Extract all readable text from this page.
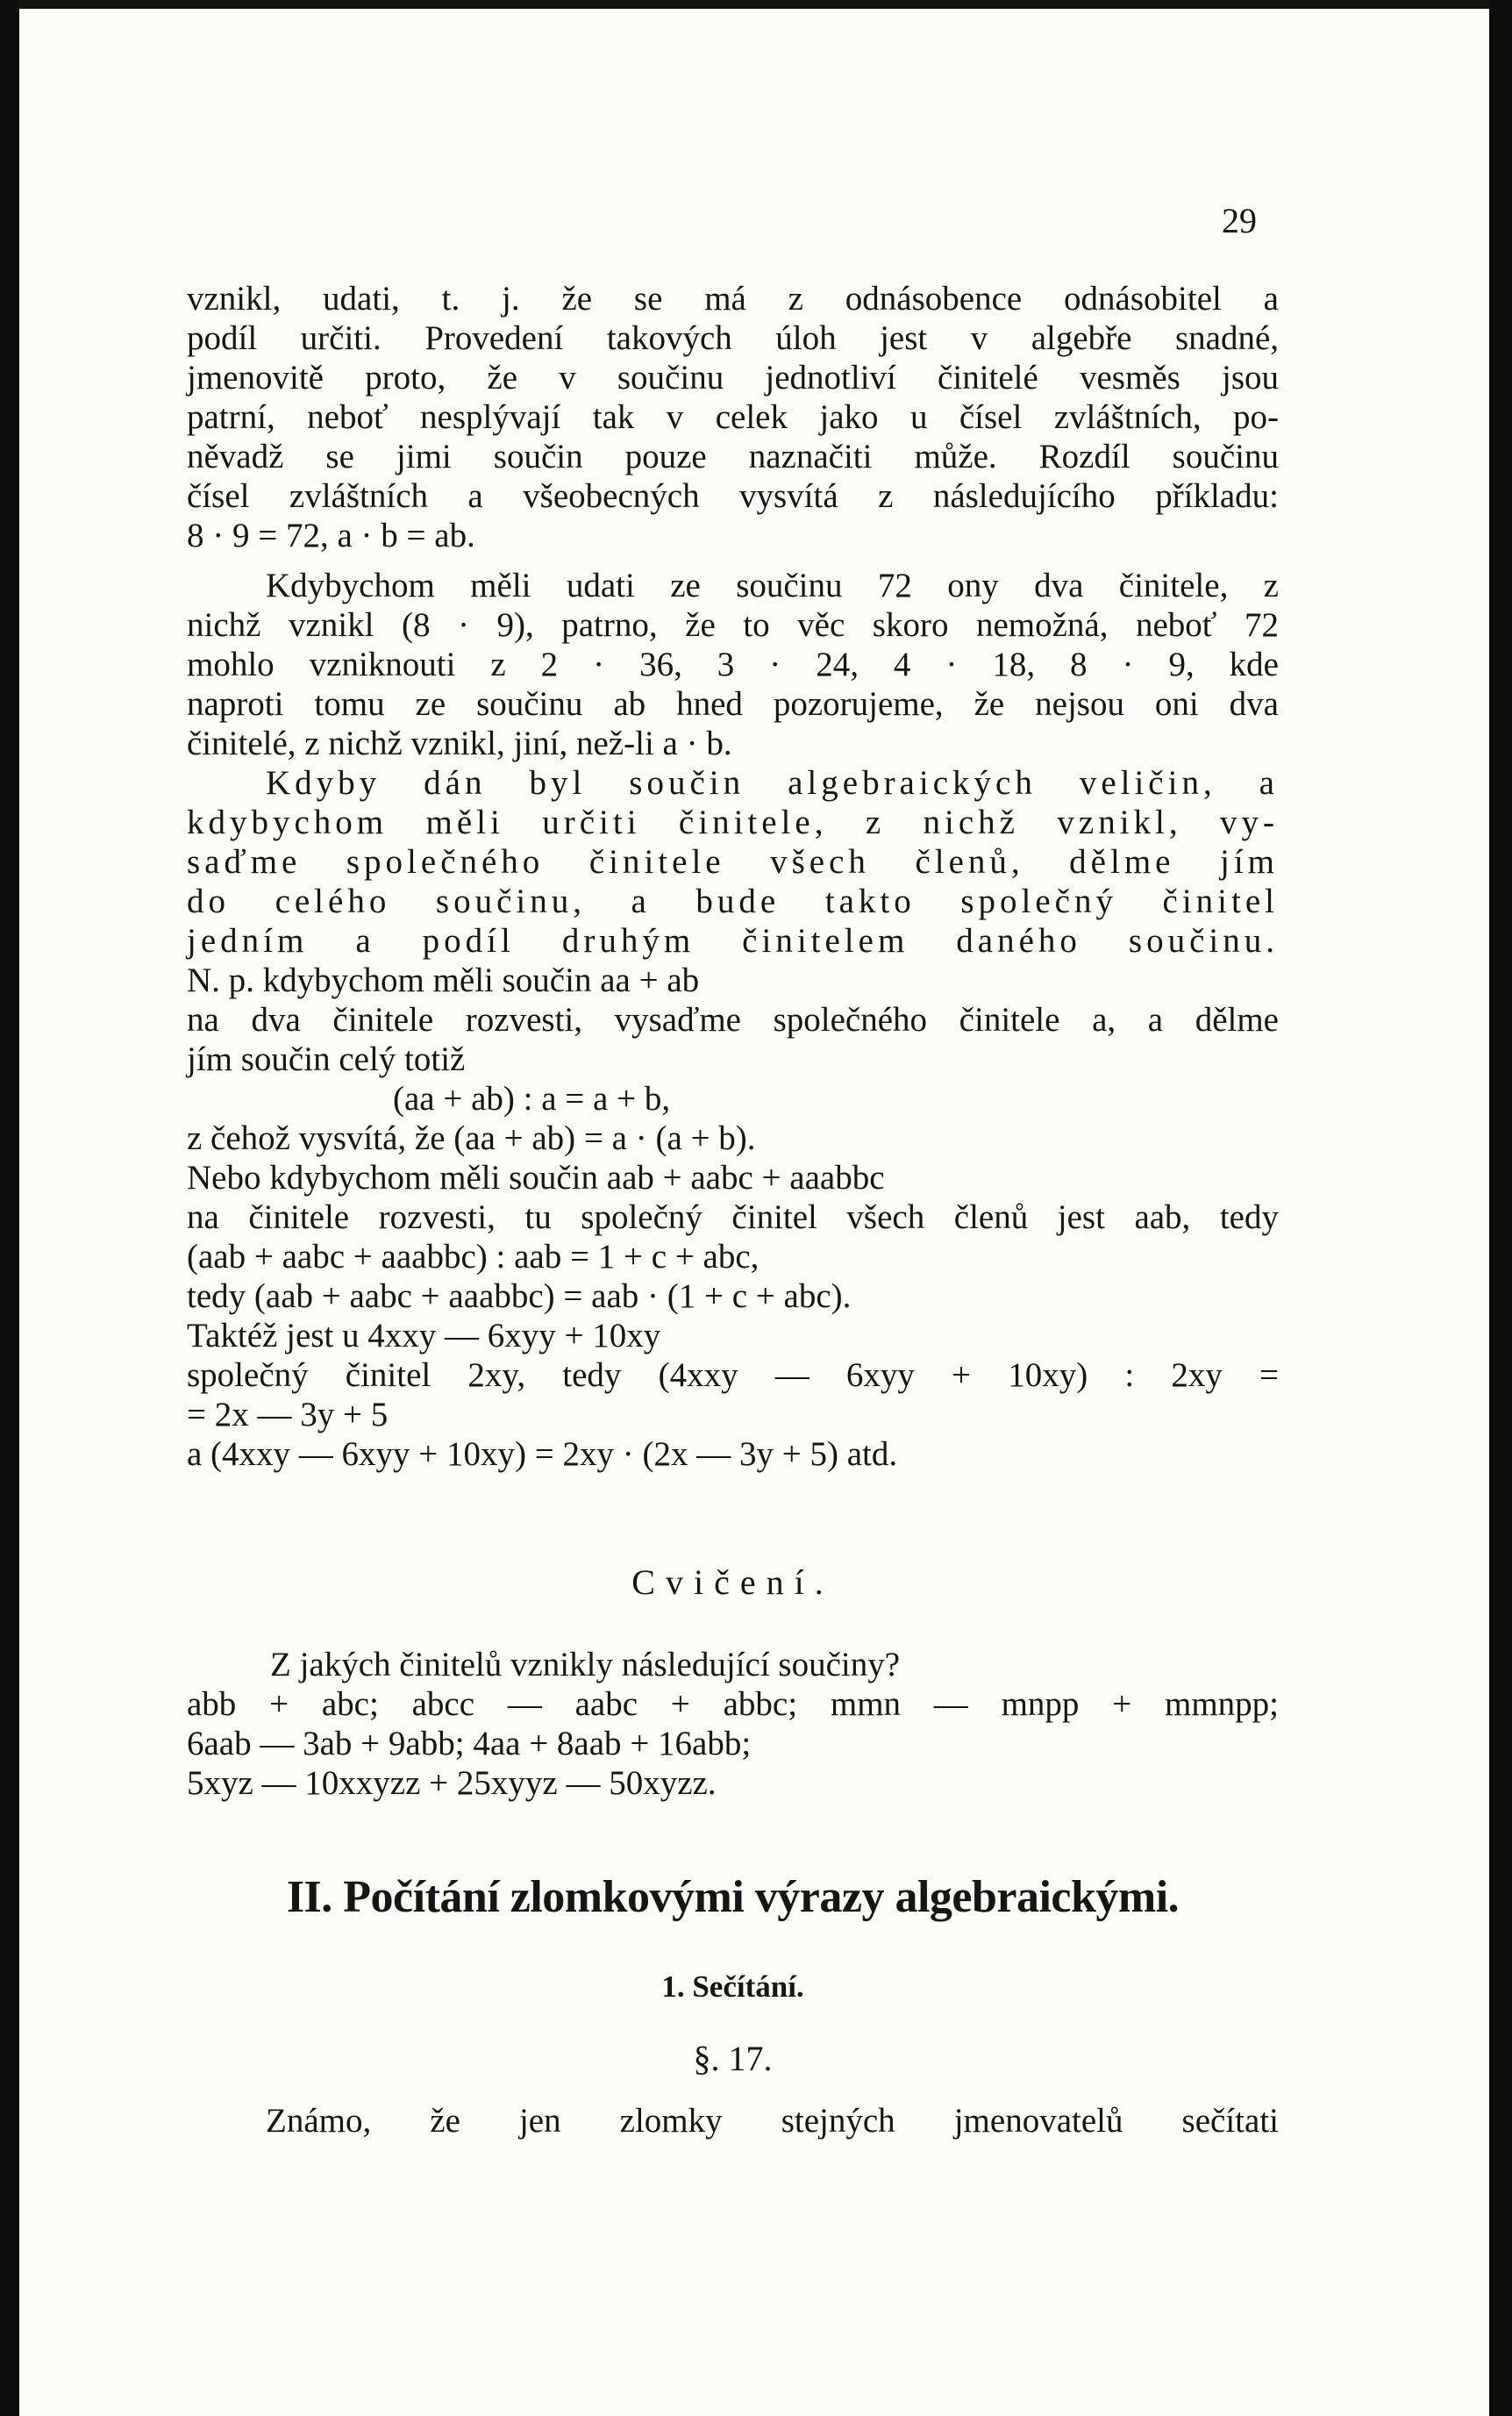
29
vznikl, udati, t. j. že se má z odnásobence odnásobitel a
podíl určiti. Provedení takových úloh jest v algebře snadné,
jmenovitě proto, že v součinu jednotliví činitelé vesměs jsou
patrní, neboť nesplývají tak v celek jako u čísel zvláštních, po-
něvadž se jimi součin pouze naznačiti může. Rozdíl součinu
čísel zvláštních a všeobecných vysvítá z následujícího příkladu:
8 · 9 = 72, a · b = ab.
Kdybychom měli udati ze součinu 72 ony dva činitele, z
nichž vznikl (8 · 9), patrno, že to věc skoro nemožná, neboť 72
mohlo vzniknouti z 2 · 36, 3 · 24, 4 · 18, 8 · 9, kde
naproti tomu ze součinu ab hned pozorujeme, že nejsou oni dva
činitelé, z nichž vznikl, jiní, než-li a · b.
Kdyby dán byl součin algebraických veličin, a
kdybychom měli určiti činitele, z nichž vznikl, vy-
saďme společného činitele všech členů, dělme jím
do celého součinu, a bude takto společný činitel
jedním a podíl druhým činitelem daného součinu.
N. p. kdybychom měli součin aa + ab
na dva činitele rozvesti, vysaďme společného činitele a, a dělme
jím součin celý totiž
(aa + ab) : a = a + b,
z čehož vysvítá, že (aa + ab) = a · (a + b).
Nebo kdybychom měli součin aab + aabc + aaabbc
na činitele rozvesti, tu společný činitel všech členů jest aab, tedy
(aab + aabc + aaabbc) : aab = 1 + c + abc,
tedy (aab + aabc + aaabbc) = aab · (1 + c + abc).
Taktéž jest u 4xxy — 6xyy + 10xy
společný činitel 2xy, tedy (4xxy — 6xyy + 10xy) : 2xy =
= 2x — 3y + 5
a (4xxy — 6xyy + 10xy) = 2xy · (2x — 3y + 5) atd.
Cvičení.
Z jakých činitelů vznikly následující součiny?
abb + abc; abcc — aabc + abbc; mmn — mnpp + mmnpp;
6aab — 3ab + 9abb; 4aa + 8aab + 16abb;
5xyz — 10xxyzz + 25xyyz — 50xyzz.
II. Počítání zlomkovými výrazy algebraickými.
1. Sečítání.
§. 17.
Známo, že jen zlomky stejných jmenovatelů sečítati
